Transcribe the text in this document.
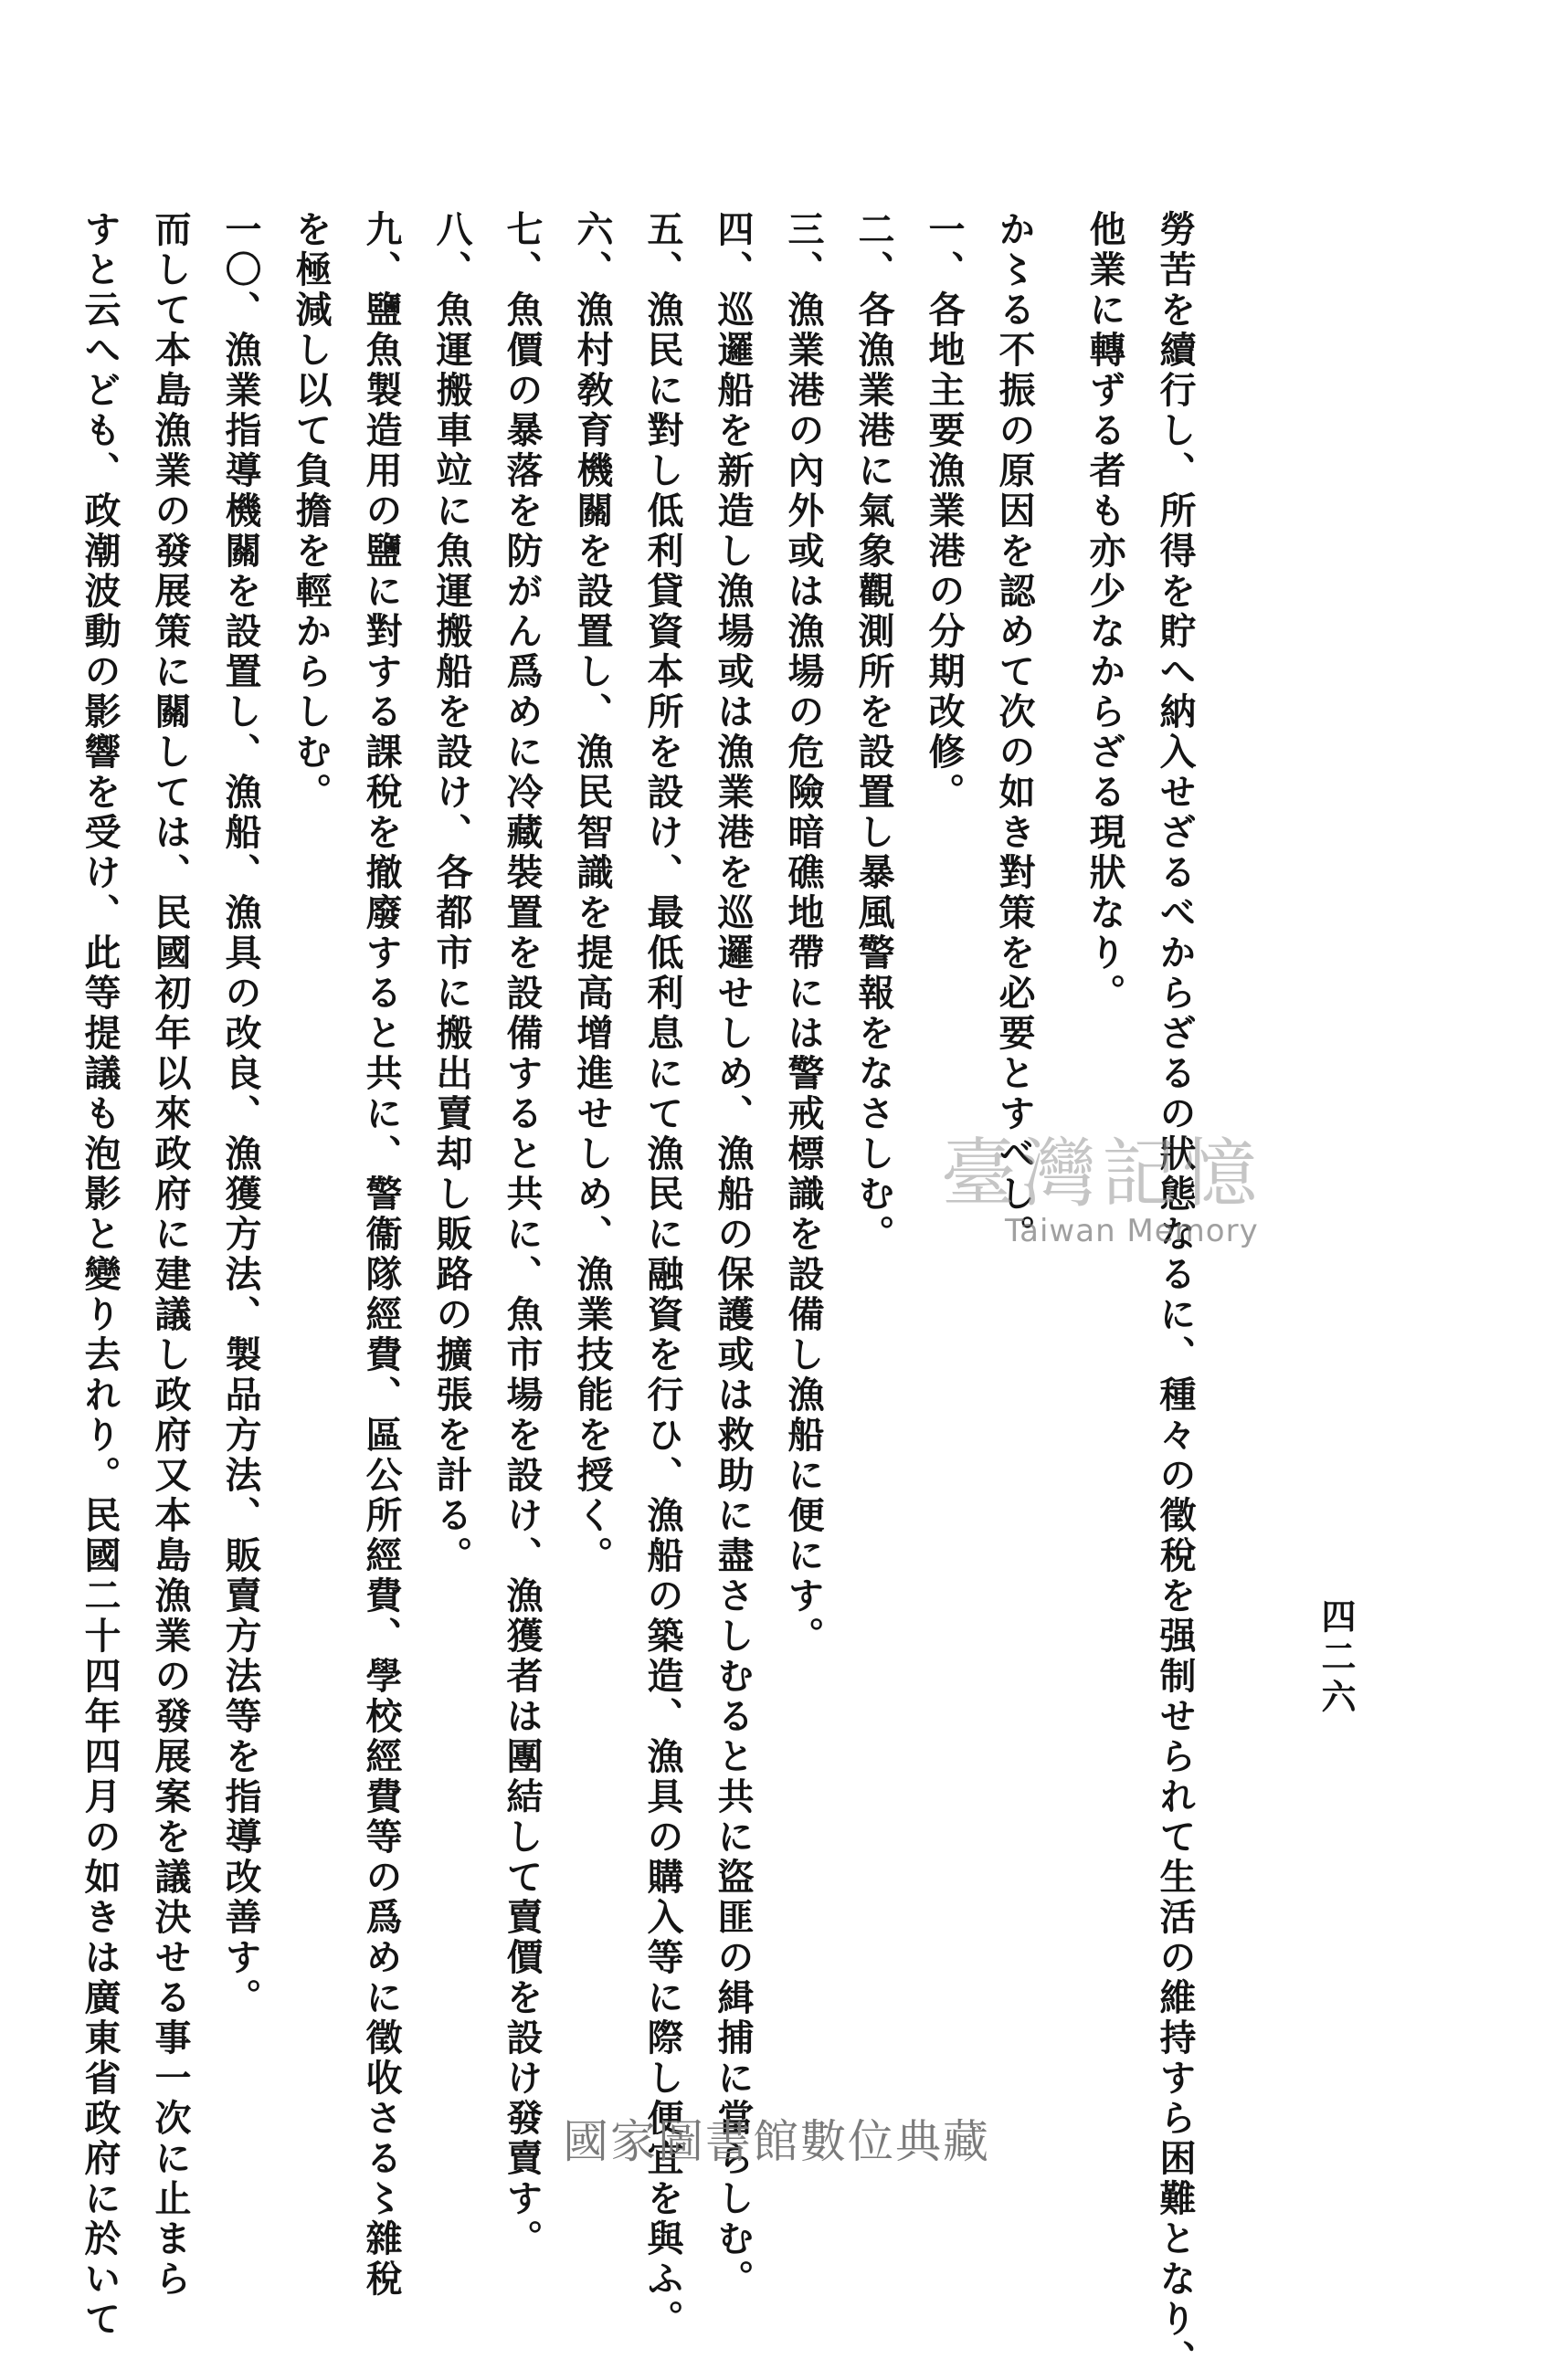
四二六
勞苦を續行し、所得を貯へ納入せざるべからざるの狀態なるに、種々の徵稅を强制せられて生活の維持すら困難となり、
他業に轉ずる者も亦少なからざる現狀なり。
か〻る不振の原因を認めて次の如き對策を必要とすべし。
一、各地主要漁業港の分期改修。
二、各漁業港に氣象觀測所を設置し暴風警報をなさしむ。
三、漁業港の內外或は漁場の危險暗礁地帶には警戒標識を設備し漁船に便にす。
四、巡邏船を新造し漁場或は漁業港を巡邏せしめ、漁船の保護或は救助に盡さしむると共に盜匪の緝捕に當らしむ。
五、漁民に對し低利貸資本所を設け、最低利息にて漁民に融資を行ひ、漁船の築造、漁具の購入等に際し便宜を與ふ。
六、漁村敎育機關を設置し、漁民智識を提高增進せしめ、漁業技能を授く。
七、魚價の暴落を防がん爲めに冷藏裝置を設備すると共に、魚市場を設け、漁獲者は團結して賣價を設け發賣す。
八、魚運搬車竝に魚運搬船を設け、各都市に搬出賣却し販路の擴張を計る。
九、鹽魚製造用の鹽に對する課稅を撤廢すると共に、警衞隊經費、區公所經費、學校經費等の爲めに徵收さる〻雜稅
を極減し以て負擔を輕からしむ。
一〇、漁業指導機關を設置し、漁船、漁具の改良、漁獲方法、製品方法、販賣方法等を指導改善す。
而して本島漁業の發展策に關しては、民國初年以來政府に建議し政府又本島漁業の發展案を議決せる事一次に止まら
すと云へども、政潮波動の影響を受け、此等提議も泡影と變り去れり。民國二十四年四月の如きは廣東省政府に於いて	臺灣記憶
Taiwan Memory
國家圖書館數位典藏
